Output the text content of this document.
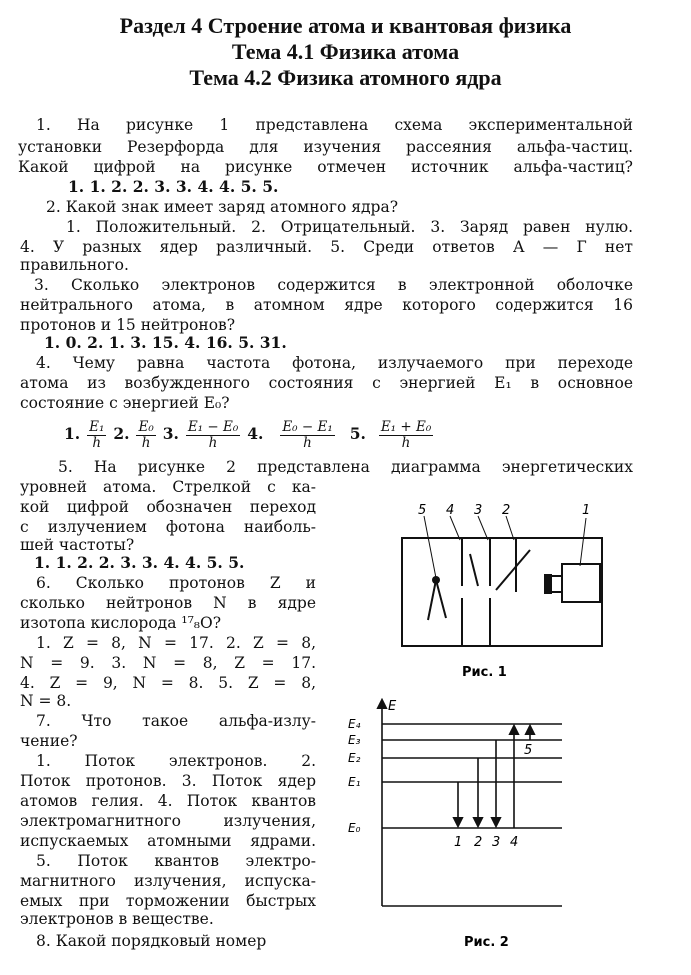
Раздел 4 Строение атома и квантовая физика
Тема 4.1 Физика атома
Тема 4.2 Физика атомного ядра
1. На рисунке 1 представлена схема экспериментальной
установки Резерфорда для изучения рассеяния альфа-частиц.
Какой цифрой на рисунке отмечен источник альфа-частиц?
1. 1. 2. 2. 3. 3. 4. 4. 5. 5.
2. Какой знак имеет заряд атомного ядра?
1. Положительный. 2. Отрицательный. 3. Заряд равен нулю.
4. У разных ядер различный. 5. Среди ответов А — Г нет
правильного.
3. Сколько электронов содержится в электронной оболочке
нейтрального атома, в атомном ядре которого содержится 16
протонов и 15 нейтронов?
1. 0. 2. 1. 3. 15. 4. 16. 5. 31.
4. Чему равна частота фотона, излучаемого при переходе
атома из возбужденного состояния с энергией E₁ в основное
состояние с энергией E₀?
1. $\frac{\text{E₁}}{h} 2$. $\frac{\text{E₀}}{h} 3$. $\frac{\text{E₁ − E₀}}{h} 4$. $\frac{\text{E₀ − E₁}}{h} 5$. $\frac{\text{E₁ + E₀}}{h}$
5. На рисунке 2 представлена диаграмма энергетических
уровней атома. Стрелкой с ка-
кой цифрой обозначен переход
с излучением фотона наиболь-
шей частоты?
1. 1. 2. 2. 3. 3. 4. 4. 5. 5.
6. Сколько протонов Z и
сколько нейтронов N в ядре
изотопа кислорода ¹⁷₈O?
1. Z = 8, N = 17. 2. Z = 8,
N = 9. 3. N = 8, Z = 17.
4. Z = 9, N = 8. 5. Z = 8,
N = 8.
7. Что такое альфа-излу-
чение?
1. Поток электронов. 2.
Поток протонов. 3. Поток ядер
атомов гелия. 4. Поток квантов
электромагнитного излучения,
испускаемых атомными ядрами.
5. Поток квантов электро-
магнитного излучения, испуска-
емых при торможении быстрых
электронов в веществе.
8. Какой порядковый номер
5 4 3 2	1
Рис. 1
E
E₄
E₃
E₂
E₁
E₀
1 2 3 4
5
Рис. 2
